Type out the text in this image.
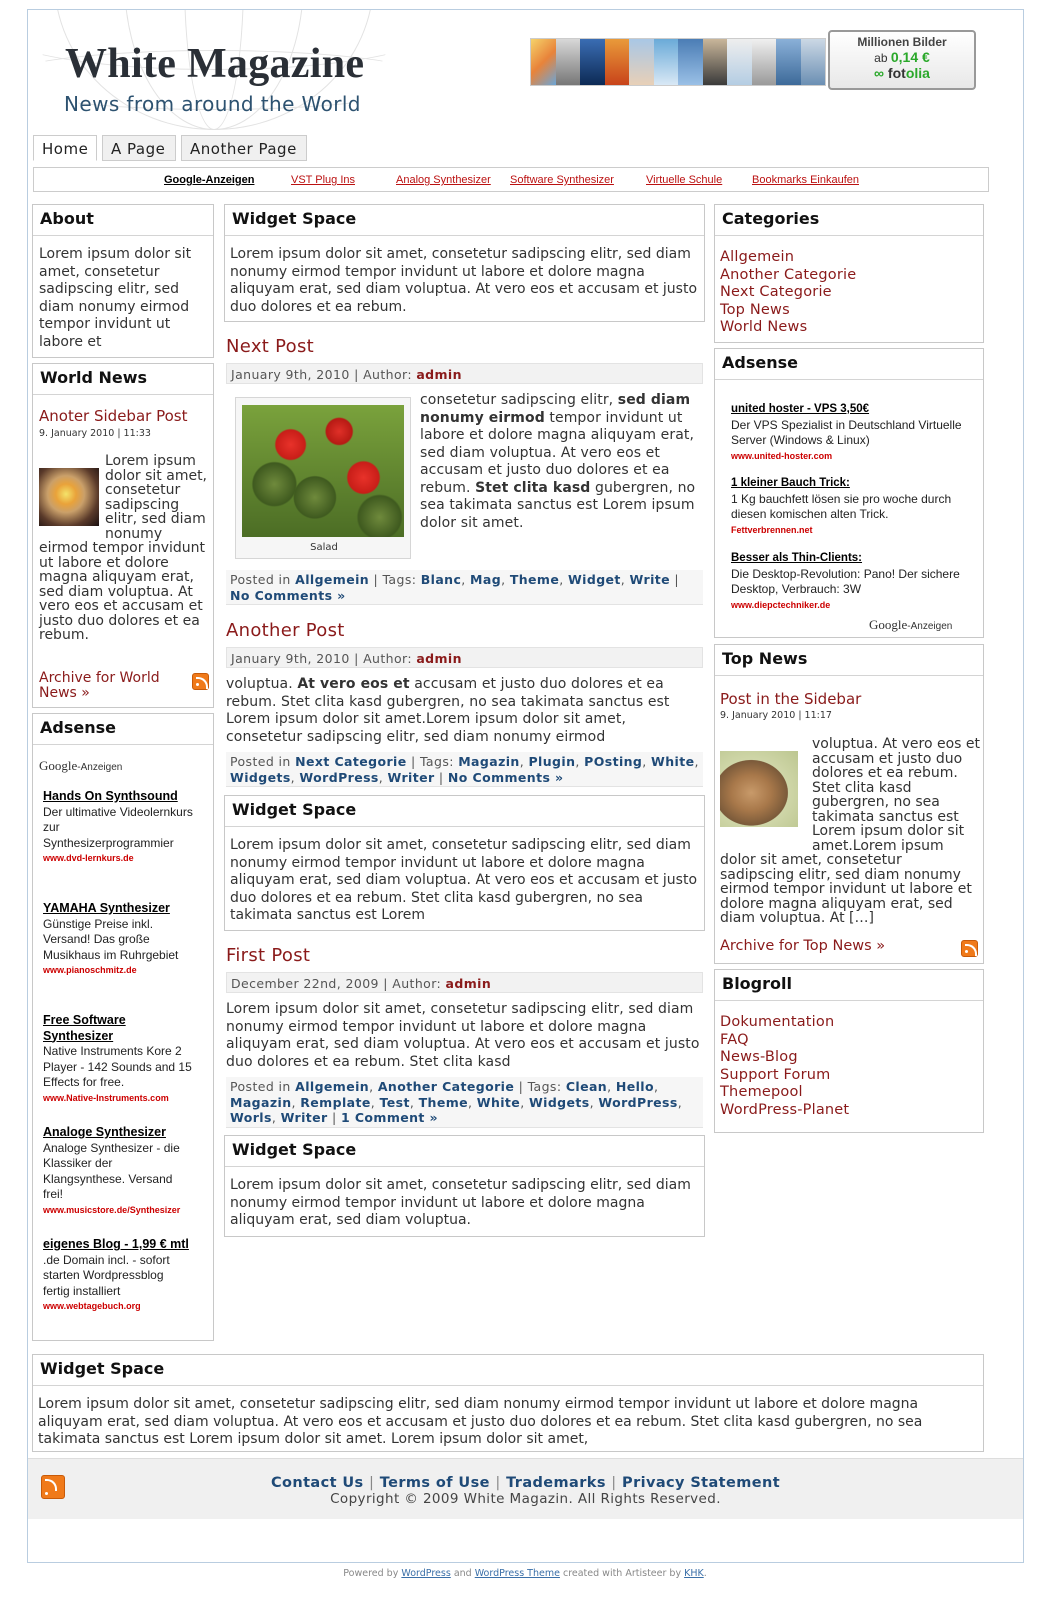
White Magazine
News from around the World
Millionen Bilder
ab 0,14 €
∞ fotolia
Home	A Page	Another Page
Google-Anzeigen	VST Plug Ins	Analog Synthesizer Software Synthesizer	Virtuelle Schule	Bookmarks Einkaufen
About
Lorem ipsum dolor sit amet, consetetur sadipscing elitr, sed diam nonumy eirmod tempor invidunt ut labore et
World News
Anoter Sidebar Post
9. January 2010 | 11:33
Lorem ipsum dolor sit amet, consetetur sadipscing elitr, sed diam nonumy eirmod tempor invidunt ut labore et dolore magna aliquyam erat, sed diam voluptua. At vero eos et accusam et justo duo dolores et ea rebum.
Archive for World News »
Adsense
Google-Anzeigen
Hands On Synthsound
Der ultimative Videolernkurs zur Synthesizerprogrammier
www.dvd-lernkurs.de
YAMAHA Synthesizer
Günstige Preise inkl. Versand! Das große Musikhaus im Ruhrgebiet
www.pianoschmitz.de
Free Software Synthesizer
Native Instruments Kore 2 Player - 142 Sounds and 15 Effects for free.
www.Native-Instruments.com
Analoge Synthesizer
Analoge Synthesizer - die Klassiker der Klangsynthese. Versand frei!
www.musicstore.de/Synthesizer
eigenes Blog - 1,99 € mtl
.de Domain incl. - sofort starten Wordpressblog fertig installiert
www.webtagebuch.org
Widget Space
Lorem ipsum dolor sit amet, consetetur sadipscing elitr, sed diam nonumy eirmod tempor invidunt ut labore et dolore magna aliquyam erat, sed diam voluptua. At vero eos et accusam et justo duo dolores et ea rebum.
Next Post
January 9th, 2010 | Author: admin
Salad
consetetur sadipscing elitr, sed diam nonumy eirmod tempor invidunt ut labore et dolore magna aliquyam erat, sed diam voluptua. At vero eos et accusam et justo duo dolores et ea rebum. Stet clita kasd gubergren, no sea takimata sanctus est Lorem ipsum dolor sit amet.
Posted in Allgemein | Tags: Blanc, Mag, Theme, Widget, Write | No Comments »
Another Post
January 9th, 2010 | Author: admin
voluptua. At vero eos et accusam et justo duo dolores et ea rebum. Stet clita kasd gubergren, no sea takimata sanctus est Lorem ipsum dolor sit amet.Lorem ipsum dolor sit amet, consetetur sadipscing elitr, sed diam nonumy eirmod
Posted in Next Categorie | Tags: Magazin, Plugin, POsting, White, Widgets, WordPress, Writer | No Comments »
Widget Space
Lorem ipsum dolor sit amet, consetetur sadipscing elitr, sed diam nonumy eirmod tempor invidunt ut labore et dolore magna aliquyam erat, sed diam voluptua. At vero eos et accusam et justo duo dolores et ea rebum. Stet clita kasd gubergren, no sea takimata sanctus est Lorem
First Post
December 22nd, 2009 | Author: admin
Lorem ipsum dolor sit amet, consetetur sadipscing elitr, sed diam nonumy eirmod tempor invidunt ut labore et dolore magna aliquyam erat, sed diam voluptua. At vero eos et accusam et justo duo dolores et ea rebum. Stet clita kasd
Posted in Allgemein, Another Categorie | Tags: Clean, Hello, Magazin, Remplate, Test, Theme, White, Widgets, WordPress, Worls, Writer | 1 Comment »
Widget Space
Lorem ipsum dolor sit amet, consetetur sadipscing elitr, sed diam nonumy eirmod tempor invidunt ut labore et dolore magna aliquyam erat, sed diam voluptua.
Categories
Allgemein
Another Categorie
Next Categorie
Top News
World News
Adsense
united hoster - VPS 3,50€
Der VPS Spezialist in Deutschland Virtuelle Server (Windows & Linux)
www.united-hoster.com
1 kleiner Bauch Trick:
1 Kg bauchfett lösen sie pro woche durch diesen komischen alten Trick.
Fettverbrennen.net
Besser als Thin-Clients:
Die Desktop-Revolution: Pano! Der sichere Desktop, Verbrauch: 3W
www.diepctechniker.de
Google-Anzeigen
Top News
Post in the Sidebar
9. January 2010 | 11:17
voluptua. At vero eos et accusam et justo duo dolores et ea rebum. Stet clita kasd gubergren, no sea takimata sanctus est Lorem ipsum dolor sit amet.Lorem ipsum dolor sit amet, consetetur sadipscing elitr, sed diam nonumy eirmod tempor invidunt ut labore et dolore magna aliquyam erat, sed diam voluptua. At […]
Archive for Top News »
Blogroll
Dokumentation
FAQ
News-Blog
Support Forum
Themepool
WordPress-Planet
Widget Space
Lorem ipsum dolor sit amet, consetetur sadipscing elitr, sed diam nonumy eirmod tempor invidunt ut labore et dolore magna aliquyam erat, sed diam voluptua. At vero eos et accusam et justo duo dolores et ea rebum. Stet clita kasd gubergren, no sea takimata sanctus est Lorem ipsum dolor sit amet. Lorem ipsum dolor sit amet,
Contact Us | Terms of Use | Trademarks | Privacy Statement
Copyright © 2009 White Magazin. All Rights Reserved.
Powered by WordPress and WordPress Theme created with Artisteer by KHK.
